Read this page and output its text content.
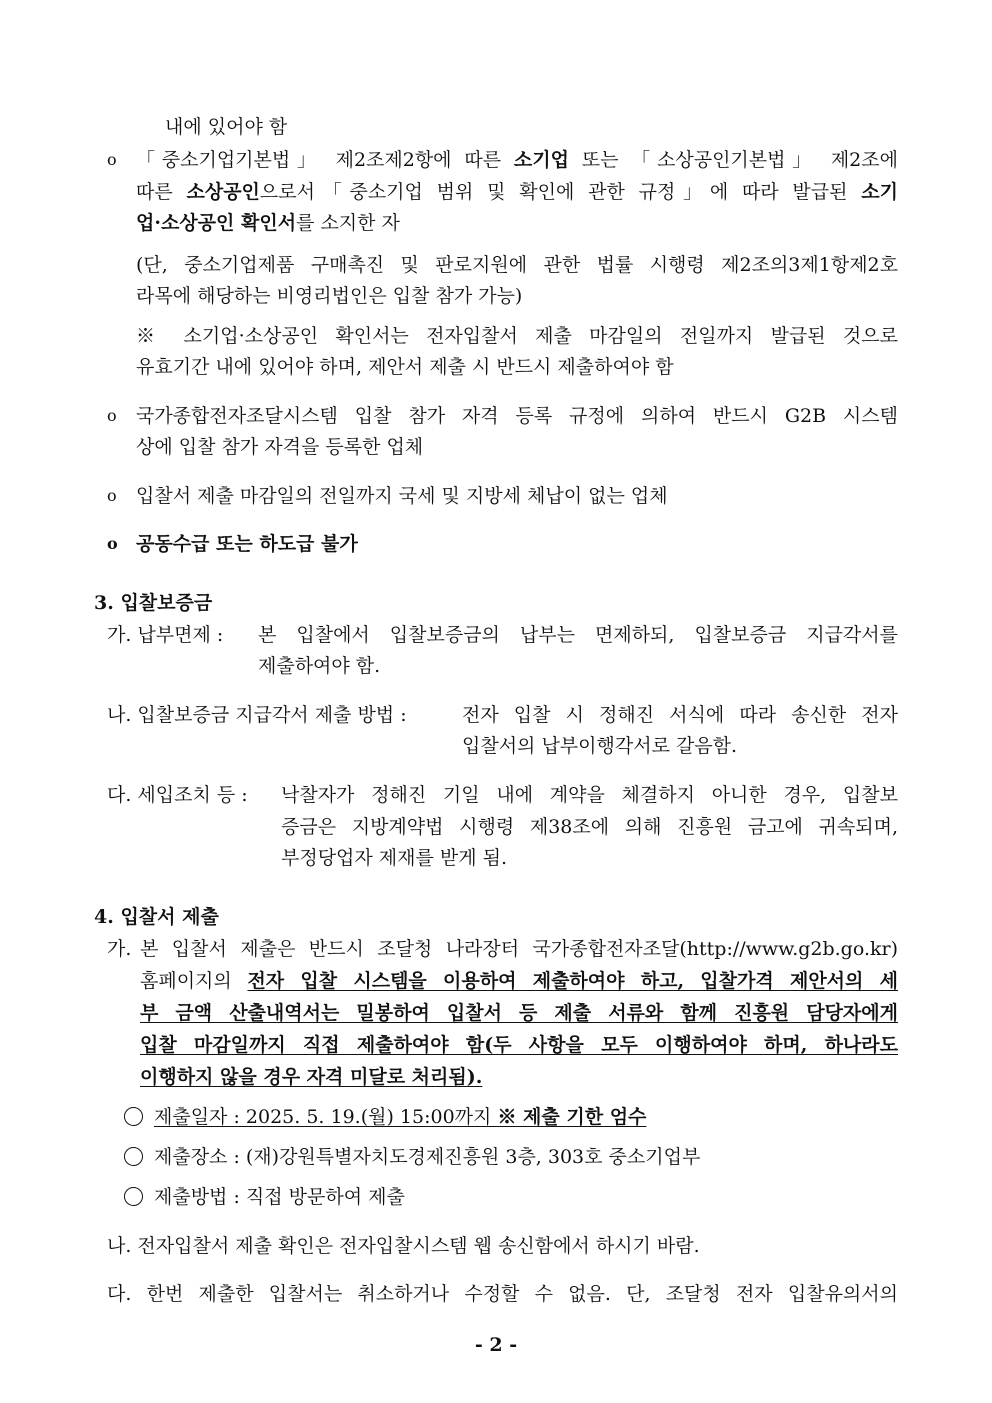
내에 있어야 함
ο 「중소기업기본법」 제2조제2항에 따른 소기업 또는 「소상공인기본법」 제2조에
따른 소상공인으로서「중소기업 범위 및 확인에 관한 규정」에 따라 발급된 소기
업·소상공인 확인서를 소지한 자
(단, 중소기업제품 구매촉진 및 판로지원에 관한 법률 시행령 제2조의3제1항제2호
라목에 해당하는 비영리법인은 입찰 참가 가능)
※ 소기업·소상공인 확인서는 전자입찰서 제출 마감일의 전일까지 발급된 것으로
유효기간 내에 있어야 하며, 제안서 제출 시 반드시 제출하여야 함
ο 국가종합전자조달시스템 입찰 참가 자격 등록 규정에 의하여 반드시 G2B 시스템
상에 입찰 참가 자격을 등록한 업체
ο 입찰서 제출 마감일의 전일까지 국세 및 지방세 체납이 없는 업체
ο 공동수급 또는 하도급 불가
3. 입찰보증금
가. 납부면제 : 본 입찰에서 입찰보증금의 납부는 면제하되, 입찰보증금 지급각서를
제출하여야 함.
나. 입찰보증금 지급각서 제출 방법 :	전자 입찰 시 정해진 서식에 따라 송신한 전자
입찰서의 납부이행각서로 갈음함.
다. 세입조치 등 : 낙찰자가 정해진 기일 내에 계약을 체결하지 아니한 경우, 입찰보
증금은 지방계약법 시행령 제38조에 의해 진흥원 금고에 귀속되며,
부정당업자 제재를 받게 됨.
4. 입찰서 제출
가. 본 입찰서 제출은 반드시 조달청 나라장터 국가종합전자조달(http://www.g2b.go.kr)
홈페이지의 전자 입찰 시스템을 이용하여 제출하여야 하고, 입찰가격 제안서의 세
부 금액 산출내역서는 밀봉하여 입찰서 등 제출 서류와 함께 진흥원 담당자에게
입찰 마감일까지 직접 제출하여야 함(두 사항을 모두 이행하여야 하며, 하나라도
이행하지 않을 경우 자격 미달로 처리됨).
제출일자 : 2025. 5. 19.(월) 15:00까지 ※ 제출 기한 엄수
제출장소 : (재)강원특별자치도경제진흥원 3층, 303호 중소기업부
제출방법 : 직접 방문하여 제출
나. 전자입찰서 제출 확인은 전자입찰시스템 웹 송신함에서 하시기 바람.
다. 한번 제출한 입찰서는 취소하거나 수정할 수 없음. 단, 조달청 전자 입찰유의서의
- 2 -
